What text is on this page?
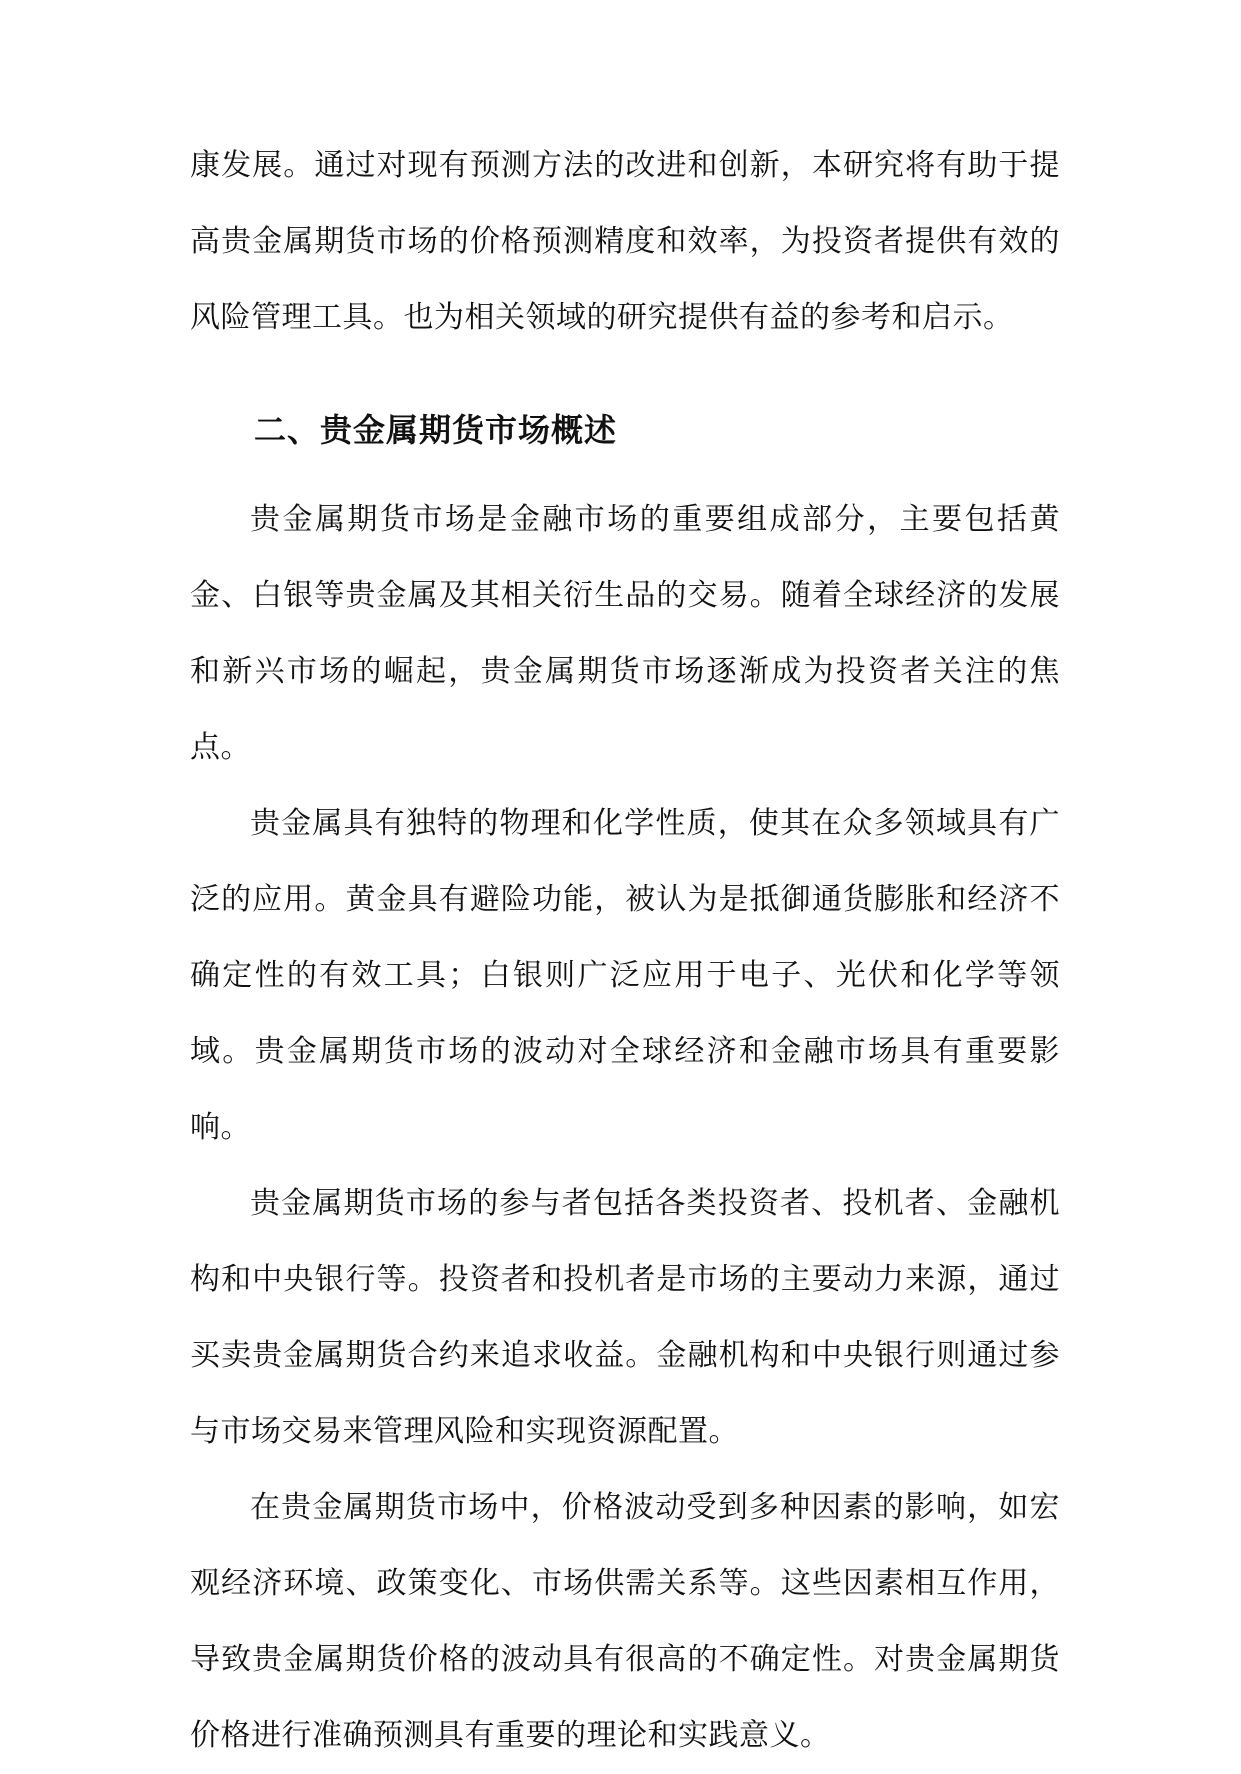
康发展。通过对现有预测方法的改进和创新，本研究将有助于提高贵金属期货市场的价格预测精度和效率，为投资者提供有效的风险管理工具。也为相关领域的研究提供有益的参考和启示。

二、贵金属期货市场概述

贵金属期货市场是金融市场的重要组成部分，主要包括黄金、白银等贵金属及其相关衍生品的交易。随着全球经济的发展和新兴市场的崛起，贵金属期货市场逐渐成为投资者关注的焦点。

贵金属具有独特的物理和化学性质，使其在众多领域具有广泛的应用。黄金具有避险功能，被认为是抵御通货膨胀和经济不确定性的有效工具；白银则广泛应用于电子、光伏和化学等领域。贵金属期货市场的波动对全球经济和金融市场具有重要影响。

贵金属期货市场的参与者包括各类投资者、投机者、金融机构和中央银行等。投资者和投机者是市场的主要动力来源，通过买卖贵金属期货合约来追求收益。金融机构和中央银行则通过参与市场交易来管理风险和实现资源配置。

在贵金属期货市场中，价格波动受到多种因素的影响，如宏观经济环境、政策变化、市场供需关系等。这些因素相互作用，导致贵金属期货价格的波动具有很高的不确定性。对贵金属期货价格进行准确预测具有重要的理论和实践意义。
